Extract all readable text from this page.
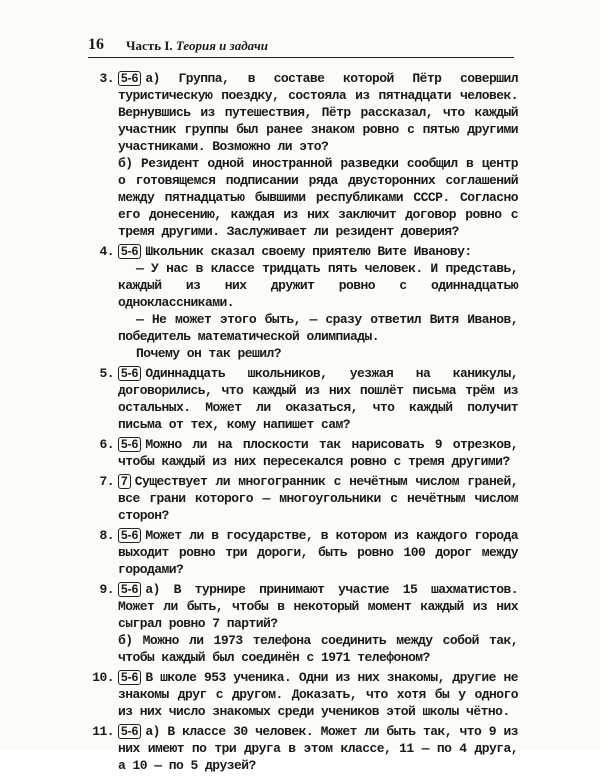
16 Часть I. Теория и задачи
3. 5-6 а) Группа, в составе которой Пётр совершил туристическую поездку, состояла из пятнадцати человек. Вернувшись из путешествия, Пётр рассказал, что каждый участник группы был ранее знаком ровно с пятью другими участниками. Возможно ли это?
б) Резидент одной иностранной разведки сообщил в центр о готовящемся подписании ряда двусторонних соглашений между пятнадцатью бывшими республиками СССР. Согласно его донесению, каждая из них заключит договор ровно с тремя другими. Заслуживает ли резидент доверия?
4. 5-6 Школьник сказал своему приятелю Вите Иванову:
— У нас в классе тридцать пять человек. И представь, каждый из них дружит ровно с одиннадцатью одноклассниками.
— Не может этого быть, — сразу ответил Витя Иванов, победитель математической олимпиады.
Почему он так решил?
5. 5-6 Одиннадцать школьников, уезжая на каникулы, договорились, что каждый из них пошлёт письма трём из остальных. Может ли оказаться, что каждый получит письма от тех, кому напишет сам?
6. 5-6 Можно ли на плоскости так нарисовать 9 отрезков, чтобы каждый из них пересекался ровно с тремя другими?
7. 7 Существует ли многогранник с нечётным числом граней, все грани которого — многоугольники с нечётным числом сторон?
8. 5-6 Может ли в государстве, в котором из каждого города выходит ровно три дороги, быть ровно 100 дорог между городами?
9. 5-6 а) В турнире принимают участие 15 шахматистов. Может ли быть, чтобы в некоторый момент каждый из них сыграл ровно 7 партий?
б) Можно ли 1973 телефона соединить между собой так, чтобы каждый был соединён с 1971 телефоном?
10. 5-6 В школе 953 ученика. Одни из них знакомы, другие не знакомы друг с другом. Доказать, что хотя бы у одного из них число знакомых среди учеников этой школы чётно.
11. 5-6 а) В классе 30 человек. Может ли быть так, что 9 из них имеют по три друга в этом классе, 11 — по 4 друга, а 10 — по 5 друзей?
